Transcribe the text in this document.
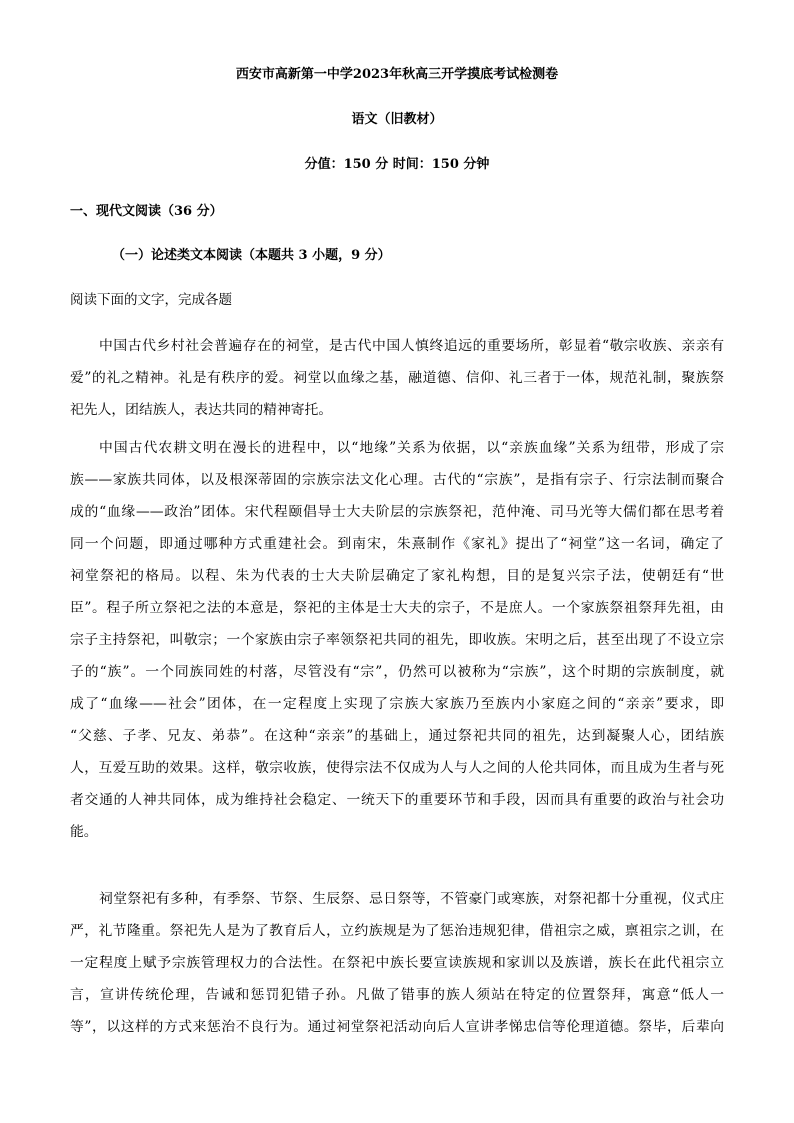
西安市高新第一中学2023年秋高三开学摸底考试检测卷
语文（旧教材）
分值：150 分 时间：150 分钟
一、现代文阅读（36 分）
（一）论述类文本阅读（本题共 3 小题，9 分）
阅读下面的文字，完成各题
中国古代乡村社会普遍存在的祠堂，是古代中国人慎终追远的重要场所，彰显着“敬宗收族、亲亲有
爱”的礼之精神。礼是有秩序的爱。祠堂以血缘之基，融道德、信仰、礼三者于一体，规范礼制，聚族祭
祀先人，团结族人，表达共同的精神寄托。
中国古代农耕文明在漫长的进程中，以“地缘”关系为依据，以“亲族血缘”关系为纽带，形成了宗
族——家族共同体，以及根深蒂固的宗族宗法文化心理。古代的“宗族”，是指有宗子、行宗法制而聚合
成的“血缘——政治”团体。宋代程颐倡导士大夫阶层的宗族祭祀，范仲淹、司马光等大儒们都在思考着
同一个问题，即通过哪种方式重建社会。到南宋，朱熹制作《家礼》提出了“祠堂”这一名词，确定了
祠堂祭祀的格局。以程、朱为代表的士大夫阶层确定了家礼构想，目的是复兴宗子法，使朝廷有“世
臣”。程子所立祭祀之法的本意是，祭祀的主体是士大夫的宗子，不是庶人。一个家族祭祖祭拜先祖，由
宗子主持祭祀，叫敬宗；一个家族由宗子率领祭祀共同的祖先，即收族。宋明之后，甚至出现了不设立宗
子的“族”。一个同族同姓的村落，尽管没有“宗”，仍然可以被称为“宗族”，这个时期的宗族制度，就
成了“血缘——社会”团体，在一定程度上实现了宗族大家族乃至族内小家庭之间的“亲亲”要求，即
“父慈、子孝、兄友、弟恭”。在这种“亲亲”的基础上，通过祭祀共同的祖先，达到凝聚人心，团结族
人，互爱互助的效果。这样，敬宗收族，使得宗法不仅成为人与人之间的人伦共同体，而且成为生者与死
者交通的人神共同体，成为维持社会稳定、一统天下的重要环节和手段，因而具有重要的政治与社会功
能。
祠堂祭祀有多种，有季祭、节祭、生辰祭、忌日祭等，不管豪门或寒族，对祭祀都十分重视，仪式庄
严，礼节隆重。祭祀先人是为了教育后人，立约族规是为了惩治违规犯律，借祖宗之威，禀祖宗之训，在
一定程度上赋予宗族管理权力的合法性。在祭祀中族长要宣读族规和家训以及族谱，族长在此代祖宗立
言，宣讲传统伦理，告诫和惩罚犯错子孙。凡做了错事的族人须站在特定的位置祭拜，寓意“低人一
等”，以这样的方式来惩治不良行为。通过祠堂祭祀活动向后人宣讲孝悌忠信等伦理道德。祭毕，后辈向
